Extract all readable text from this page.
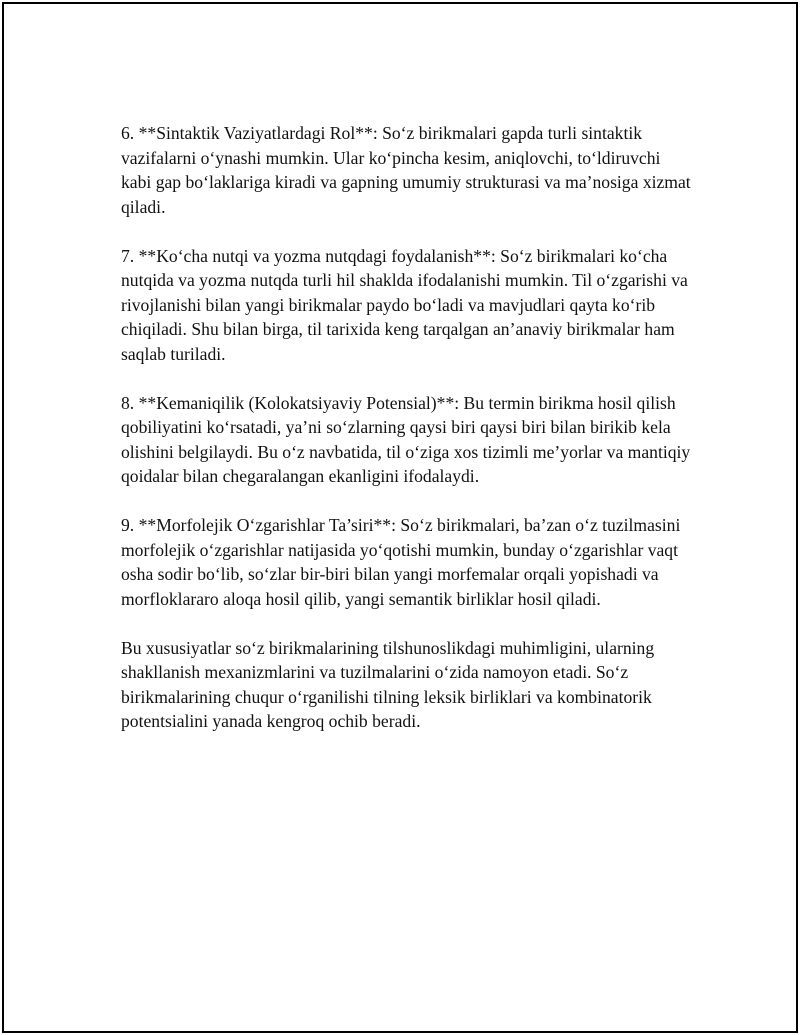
6. **Sintaktik Vaziyatlardagi Rol**: So‘z birikmalari gapda turli sintaktik vazifalarni o‘ynashi mumkin. Ular ko‘pincha kesim, aniqlovchi, to‘ldiruvchi kabi gap bo‘laklariga kiradi va gapning umumiy strukturasi va ma’nosiga xizmat qiladi.

7. **Ko‘cha nutqi va yozma nutqdagi foydalanish**: So‘z birikmalari ko‘cha nutqida va yozma nutqda turli hil shaklda ifodalanishi mumkin. Til o‘zgarishi va rivojlanishi bilan yangi birikmalar paydo bo‘ladi va mavjudlari qayta ko‘rib chiqiladi. Shu bilan birga, til tarixida keng tarqalgan an’anaviy birikmalar ham saqlab turiladi.

8. **Kemaniqilik (Kolokatsiyaviy Potensial)**: Bu termin birikma hosil qilish qobiliyatini ko‘rsatadi, ya’ni so‘zlarning qaysi biri qaysi biri bilan birikib kela olishini belgilaydi. Bu o‘z navbatida, til o‘ziga xos tizimli me’yorlar va mantiqiy qoidalar bilan chegaralangan ekanligini ifodalaydi.

9. **Morfolejik O‘zgarishlar Ta’siri**: So‘z birikmalari, ba’zan o‘z tuzilmasini morfolejik o‘zgarishlar natijasida yo‘qotishi mumkin, bunday o‘zgarishlar vaqt osha sodir bo‘lib, so‘zlar bir-biri bilan yangi morfemalar orqali yopishadi va morfloklararo aloqa hosil qilib, yangi semantik birliklar hosil qiladi.

Bu xususiyatlar so‘z birikmalarining tilshunoslikdagi muhimligini, ularning shakllanish mexanizmlarini va tuzilmalarini o‘zida namoyon etadi. So‘z birikmalarining chuqur o‘rganilishi tilning leksik birliklari va kombinatorik potentsialini yanada kengroq ochib beradi.
